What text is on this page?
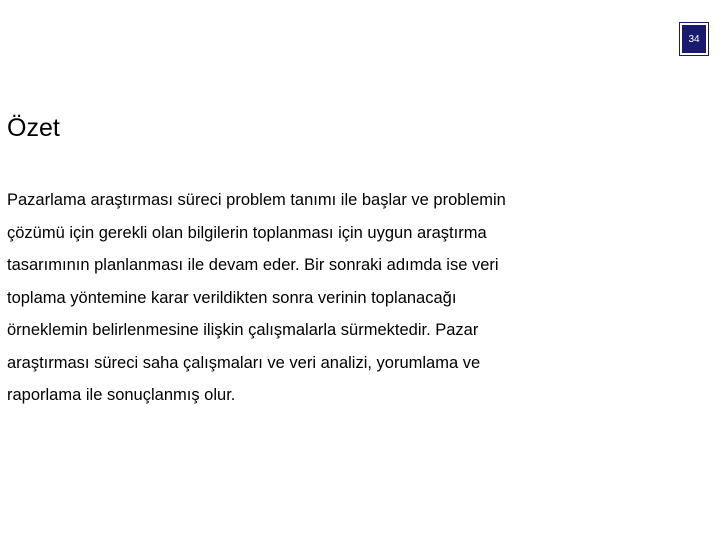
34
Özet

Pazarlama araştırması süreci problem tanımı ile başlar ve problemin
çözümü için gerekli olan bilgilerin toplanması için uygun araştırma
tasarımının planlanması ile devam eder. Bir sonraki adımda ise veri
toplama yöntemine karar verildikten sonra verinin toplanacağı
örneklemin belirlenmesine ilişkin çalışmalarla sürmektedir. Pazar
araştırması süreci saha çalışmaları ve veri analizi, yorumlama ve
raporlama ile sonuçlanmış olur.
